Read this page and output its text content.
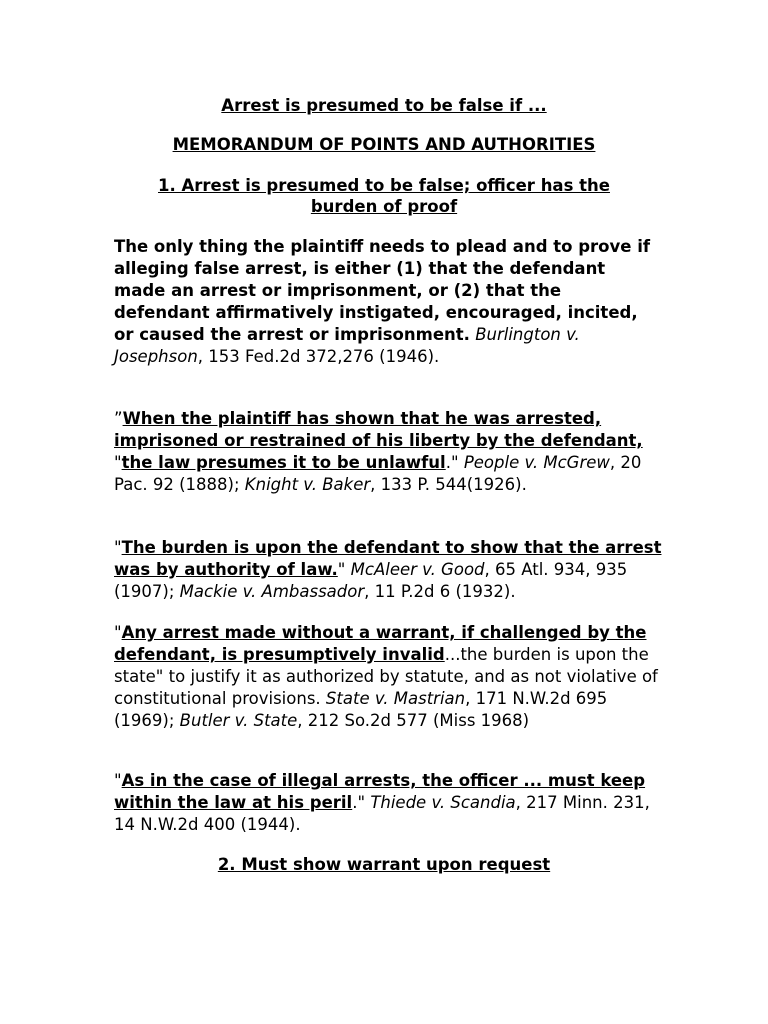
Arrest is presumed to be false if ...
MEMORANDUM OF POINTS AND AUTHORITIES
1. Arrest is presumed to be false; officer has the burden of proof

The only thing the plaintiff needs to plead and to prove if alleging false arrest, is either (1) that the defendant made an arrest or imprisonment, or (2) that the defendant affirmatively instigated, encouraged, incited, or caused the arrest or imprisonment. Burlington v. Josephson, 153 Fed.2d 372,276 (1946).

”When the plaintiff has shown that he was arrested, imprisoned or restrained of his liberty by the defendant, "the law presumes it to be unlawful." People v. McGrew, 20 Pac. 92 (1888); Knight v. Baker, 133 P. 544(1926).

"The burden is upon the defendant to show that the arrest was by authority of law." McAleer v. Good, 65 Atl. 934, 935 (1907); Mackie v. Ambassador, 11 P.2d 6 (1932).

"Any arrest made without a warrant, if challenged by the defendant, is presumptively invalid...the burden is upon the state" to justify it as authorized by statute, and as not violative of constitutional provisions. State v. Mastrian, 171 N.W.2d 695 (1969); Butler v. State, 212 So.2d 577 (Miss 1968)

"As in the case of illegal arrests, the officer ... must keep within the law at his peril." Thiede v. Scandia, 217 Minn. 231, 14 N.W.2d 400 (1944).

2. Must show warrant upon request
